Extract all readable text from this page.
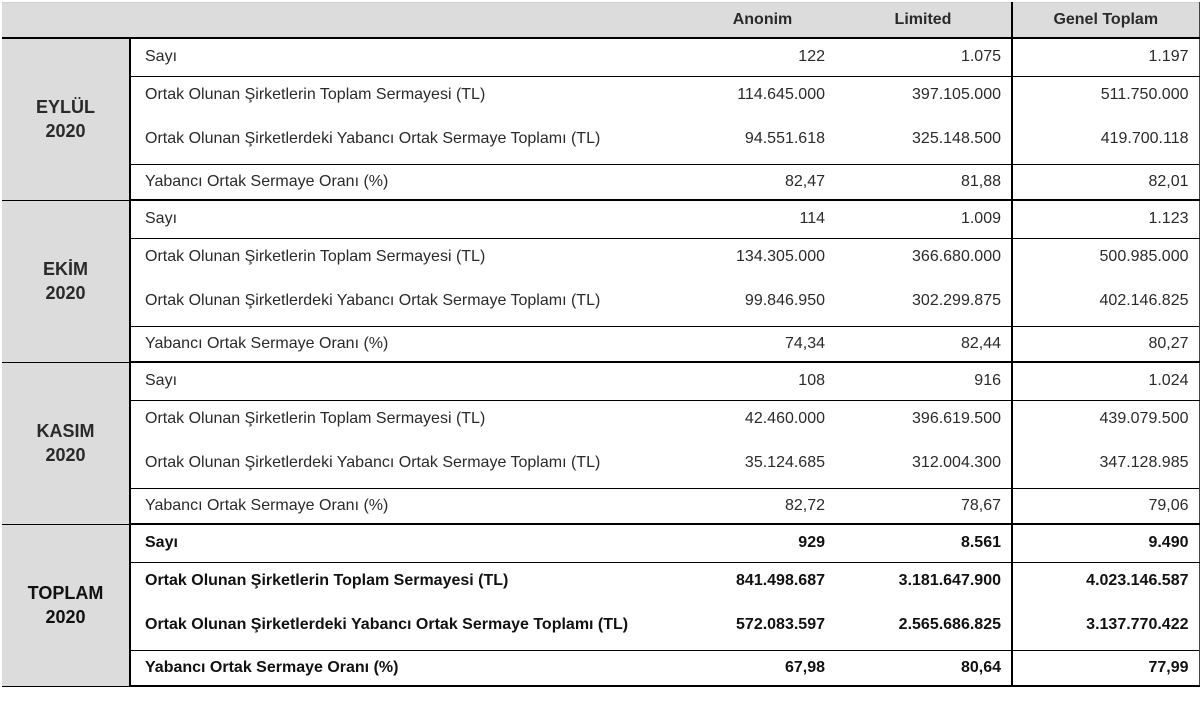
		Anonim	Limited	Genel Toplam

EYLÜL
2020	Sayı	122	1.075	1.197
	Ortak Olunan Şirketlerin Toplam Sermayesi (TL)	114.645.000	397.105.000	511.750.000
	Ortak Olunan Şirketlerdeki Yabancı Ortak Sermaye Toplamı (TL)	94.551.618	325.148.500	419.700.118
	Yabancı Ortak Sermaye Oranı (%)	82,47	81,88	82,01

EKİM
2020	Sayı	114	1.009	1.123
	Ortak Olunan Şirketlerin Toplam Sermayesi (TL)	134.305.000	366.680.000	500.985.000
	Ortak Olunan Şirketlerdeki Yabancı Ortak Sermaye Toplamı (TL)	99.846.950	302.299.875	402.146.825
	Yabancı Ortak Sermaye Oranı (%)	74,34	82,44	80,27

KASIM
2020	Sayı	108	916	1.024
	Ortak Olunan Şirketlerin Toplam Sermayesi (TL)	42.460.000	396.619.500	439.079.500
	Ortak Olunan Şirketlerdeki Yabancı Ortak Sermaye Toplamı (TL)	35.124.685	312.004.300	347.128.985
	Yabancı Ortak Sermaye Oranı (%)	82,72	78,67	79,06

TOPLAM
2020	Sayı	929	8.561	9.490
	Ortak Olunan Şirketlerin Toplam Sermayesi (TL)	841.498.687	3.181.647.900	4.023.146.587
	Ortak Olunan Şirketlerdeki Yabancı Ortak Sermaye Toplamı (TL)	572.083.597	2.565.686.825	3.137.770.422
	Yabancı Ortak Sermaye Oranı (%)	67,98	80,64	77,99
